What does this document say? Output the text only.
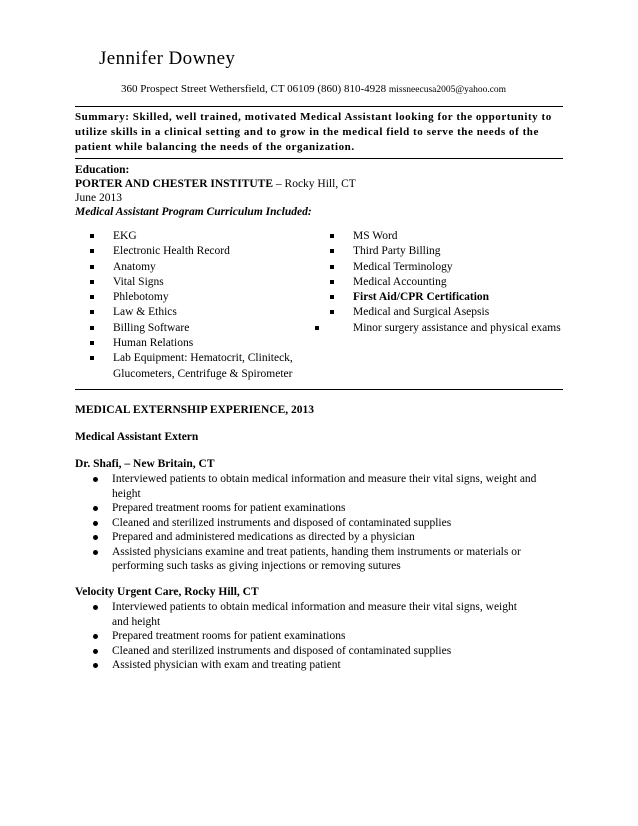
Jennifer Downey
360 Prospect Street Wethersfield, CT 06109 (860) 810-4928 missneecusa2005@yahoo.com
Summary: Skilled, well trained, motivated Medical Assistant looking for the opportunity to
utilize skills in a clinical setting and to grow in the medical field to serve the needs of the
patient while balancing the needs of the organization.
Education:
PORTER AND CHESTER INSTITUTE – Rocky Hill, CT
June 2013
Medical Assistant Program Curriculum Included:
EKG
Electronic Health Record
Anatomy
Vital Signs
Phlebotomy
Law & Ethics
Billing Software
Human Relations
Lab Equipment: Hematocrit, Cliniteck,
Glucometers, Centrifuge & Spirometer
MS Word
Third Party Billing
Medical Terminology
Medical Accounting
First Aid/CPR Certification
Medical and Surgical Asepsis
Minor surgery assistance and physical exams
MEDICAL EXTERNSHIP EXPERIENCE, 2013
Medical Assistant Extern
Dr. Shafi, – New Britain, CT
Interviewed patients to obtain medical information and measure their vital signs, weight and
height
Prepared treatment rooms for patient examinations
Cleaned and sterilized instruments and disposed of contaminated supplies
Prepared and administered medications as directed by a physician
Assisted physicians examine and treat patients, handing them instruments or materials or
performing such tasks as giving injections or removing sutures
Velocity Urgent Care, Rocky Hill, CT
Interviewed patients to obtain medical information and measure their vital signs, weight
and height
Prepared treatment rooms for patient examinations
Cleaned and sterilized instruments and disposed of contaminated supplies
Assisted physician with exam and treating patient
